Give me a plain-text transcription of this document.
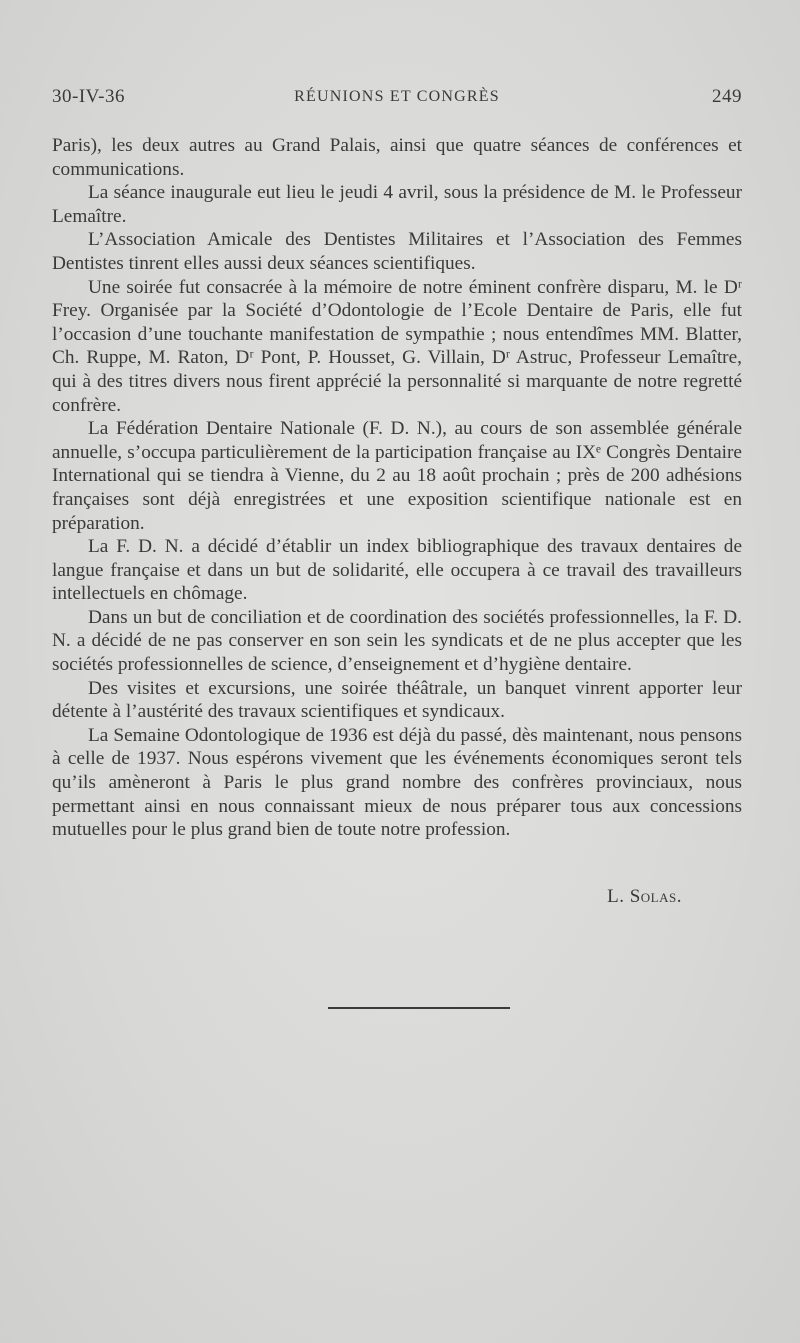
30-IV-36	RÉUNIONS ET CONGRÈS	249

Paris), les deux autres au Grand Palais, ainsi que quatre séances de conférences et communications.

La séance inaugurale eut lieu le jeudi 4 avril, sous la présidence de M. le Professeur Lemaître.

L’Association Amicale des Dentistes Militaires et l’Association des Femmes Dentistes tinrent elles aussi deux séances scientifiques.

Une soirée fut consacrée à la mémoire de notre éminent confrère disparu, M. le Dʳ Frey. Organisée par la Société d’Odontologie de l’Ecole Dentaire de Paris, elle fut l’occasion d’une touchante manifestation de sympathie ; nous entendîmes MM. Blatter, Ch. Ruppe, M. Raton, Dʳ Pont, P. Housset, G. Villain, Dʳ Astruc, Professeur Lemaître, qui à des titres divers nous firent apprécié la personnalité si marquante de notre regretté confrère.

La Fédération Dentaire Nationale (F. D. N.), au cours de son assemblée générale annuelle, s’occupa particulièrement de la participation française au IXᵉ Congrès Dentaire International qui se tiendra à Vienne, du 2 au 18 août prochain ; près de 200 adhésions françaises sont déjà enregistrées et une exposition scientifique nationale est en préparation.

La F. D. N. a décidé d’établir un index bibliographique des travaux dentaires de langue française et dans un but de solidarité, elle occupera à ce travail des travailleurs intellectuels en chômage.

Dans un but de conciliation et de coordination des sociétés professionnelles, la F. D. N. a décidé de ne pas conserver en son sein les syndicats et de ne plus accepter que les sociétés professionnelles de science, d’enseignement et d’hygiène dentaire.

Des visites et excursions, une soirée théâtrale, un banquet vinrent apporter leur détente à l’austérité des travaux scientifiques et syndicaux.

La Semaine Odontologique de 1936 est déjà du passé, dès maintenant, nous pensons à celle de 1937. Nous espérons vivement que les événements économiques seront tels qu’ils amèneront à Paris le plus grand nombre des confrères provinciaux, nous permettant ainsi en nous connaissant mieux de nous préparer tous aux concessions mutuelles pour le plus grand bien de toute notre profession.

L. Solas.
